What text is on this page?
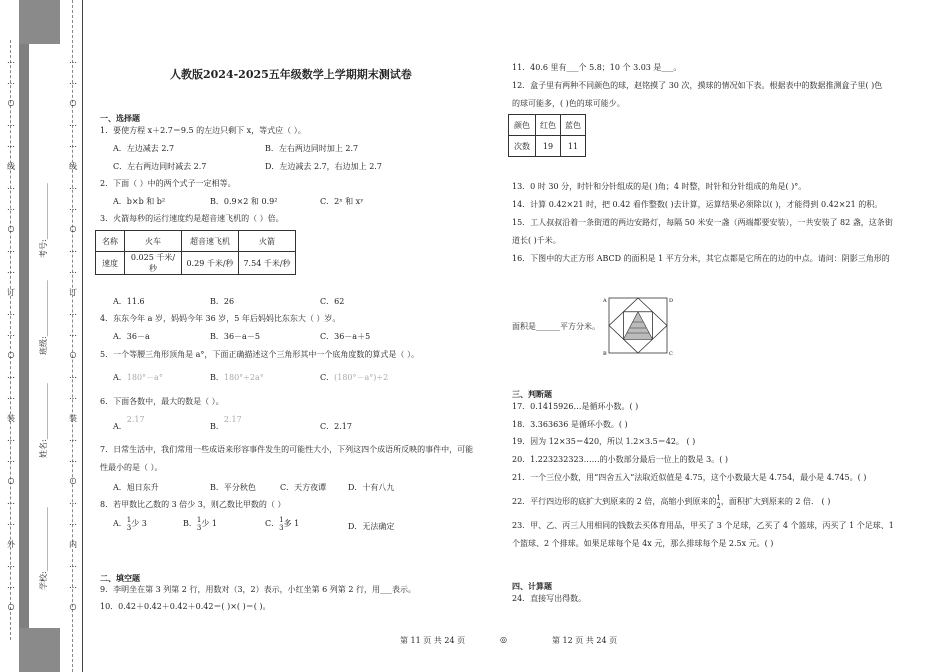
…
…
○
…
…
线
…
…
○
…
…
订
…
…
○
…
…
装
…
…
○
…
…
外
…
…
○
…
…
○
…
…
线
…
…
○
…
…
订
…
…
○
…
…
装
…
…
○
…
…
内
…
…
○
学校:________________
姓名:______________
班级:______________
考号:______________
人教版2024-2025五年级数学上学期期末测试卷
一、选择题
1．要使方程 x＋2.7＝9.5 的左边只剩下 x，等式应（ ）。
A．左边减去 2.7	B．左右两边同时加上 2.7
C．左右两边同时减去 2.7	D．左边减去 2.7，右边加上 2.7
2．下面（ ）中的两个式子一定相等。
A．b×b 和 b²	B．0.9×2 和 0.9²	C．2ˣ 和 xʸ
3．火箭每秒的运行速度约是超音速飞机的（ ）倍。
名称	火车	超音速飞机	火箭
速度	0.025 千米/秒	0.29 千米/秒	7.54 千米/秒
A．11.6	B．26	C．62
4．东东今年 a 岁，妈妈今年 36 岁，5 年后妈妈比东东大（ ）岁。
A．36－a	B．36－a－5	C．36－a＋5
5．一个等腰三角形顶角是 a°，下面正确描述这个三角形其中一个底角度数的算式是（ ）。
A．180°－a°	B．180°÷2a°	C．(180°－a°)÷2
6．下面各数中，最大的数是（ ）。
A．2.17
B．2.17
C．2.17
7．日常生活中，我们常用一些成语来形容事件发生的可能性大小，下列这四个成语所反映的事件中，可能
性最小的是（ ）。
A．旭日东升	B．平分秋色	C．天方夜谭	D．十有八九
8．若甲数比乙数的 3 倍少 3，则乙数比甲数的（ ）
A．1
3少 3	B．1
3少 1	C．1
3多 1	D．无法确定
二、填空题
9．李明坐在第 3 列第 2 行，用数对（3，2）表示，小红坐第 6 列第 2 行，用___表示。
10．0.42＋0.42＋0.42＋0.42＝( )×( )＝( )。
11．40.6 里有___个 5.8；10 个 3.03 是___。
12．盒子里有两种不同颜色的球，赵铭摸了 30 次，摸球的情况如下表。根据表中的数据推测盒子里( )色
的球可能多，( )色的球可能少。
颜色	红色	蓝色
次数	19	11
13．0 时 30 分，时针和分针组成的是( )角；4 时整，时针和分针组成的角是( )°。
14．计算 0.42×21 时，把 0.42 看作整数( )去计算，运算结果必须除以( )，才能得到 0.42×21 的积。
15．工人叔叔沿着一条街道的两边安路灯，每隔 50 米安一盏（两端都要安装），一共安装了 82 盏，这条街
道长( )千米。
16．下图中的大正方形 ABCD 的面积是 1 平方分米，其它点都是它所在的边的中点。请问：阴影三角形的
面积是______平方分米。
A	D
B	C
三、判断题
17．0.1415926…是循环小数。( )
18．3.363636 是循环小数。( )
19．因为 12×35＝420，所以 1.2×3.5＝42。 ( )
20．1.223232323……的小数部分最后一位上的数是 3。( )
21．一个三位小数，用“四舍五入”法取近似值是 4.75，这个小数最大是 4.754，最小是 4.745。( )
22．平行四边形的底扩大到原来的 2 倍，高缩小到原来的1
2，面积扩大到原来的 2 倍． ( )
23．甲、乙、丙三人用相同的钱数去买体育用品，甲买了 3 个足球，乙买了 4 个篮球，丙买了 1 个足球、1
个篮球、2 个排球。如果足球每个是 4x 元，那么排球每个是 2.5x 元。( )
四、计算题
24．直接写出得数。
第 11 页 共 24 页	◎	第 12 页 共 24 页
